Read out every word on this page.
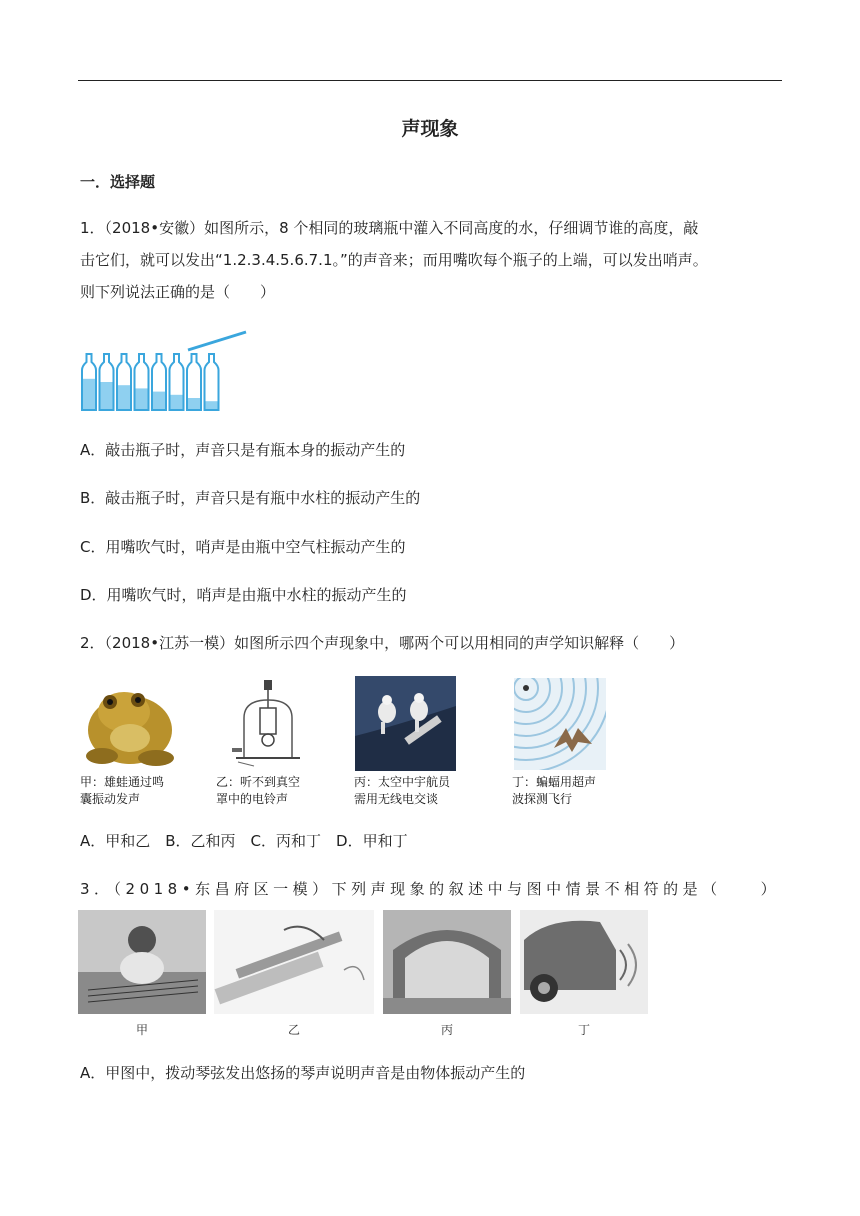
声现象
一．选择题
1．（2018•安徽）如图所示，8 个相同的玻璃瓶中灌入不同高度的水，仔细调节谁的高度，敲
击它们，就可以发出“1.2.3.4.5.6.7.1。”的声音来；而用嘴吹每个瓶子的上端，可以发出哨声。
则下列说法正确的是（　　）
A．敲击瓶子时，声音只是有瓶本身的振动产生的
B．敲击瓶子时，声音只是有瓶中水柱的振动产生的
C．用嘴吹气时，哨声是由瓶中空气柱振动产生的
D．用嘴吹气时，哨声是由瓶中水柱的振动产生的
2．（2018•江苏一模）如图所示四个声现象中，哪两个可以用相同的声学知识解释（　　）
甲：雄蛙通过鸣
囊振动发声
乙：听不到真空
罩中的电铃声
丙：太空中宇航员
需用无线电交谈
丁：蝙蝠用超声
波探测飞行
A．甲和乙　B．乙和丙　C．丙和丁　D．甲和丁
3．（2018•东昌府区一模）下列声现象的叙述中与图中情景不相符的是（　　）
甲	乙	丙	丁
A．甲图中，拨动琴弦发出悠扬的琴声说明声音是由物体振动产生的
